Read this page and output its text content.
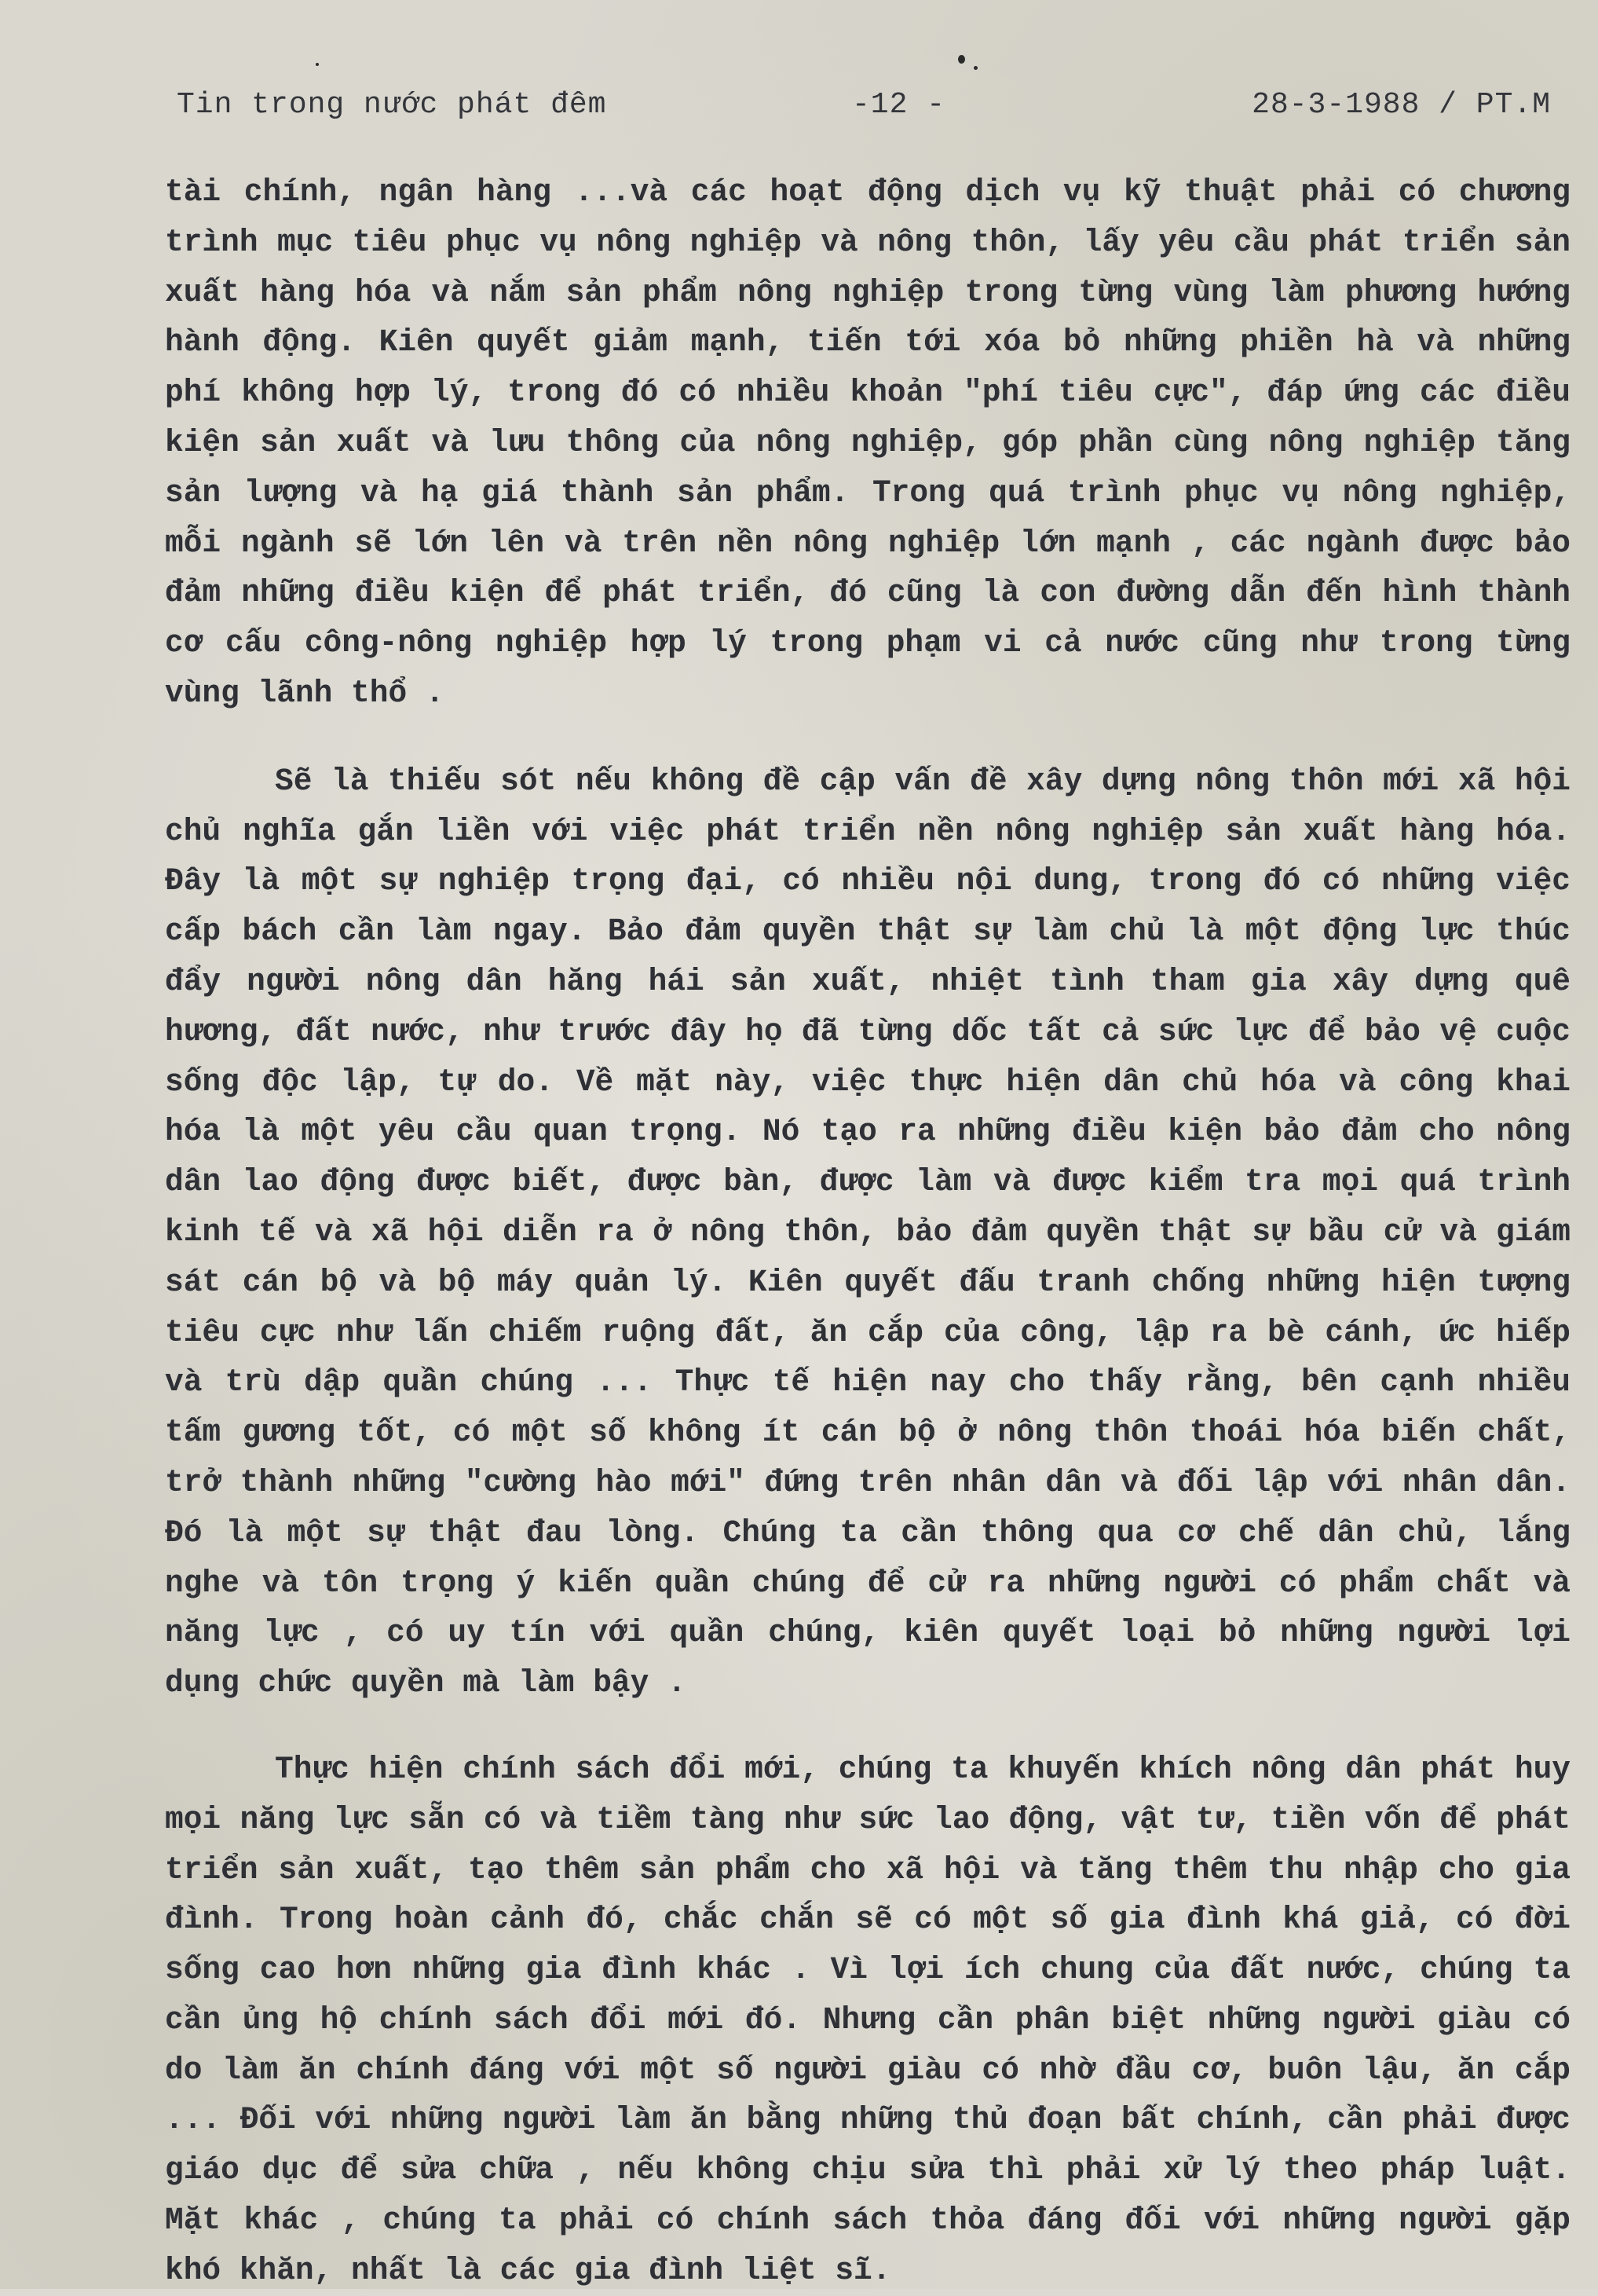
Tin trong nước phát đêm	-12 -	28-3-1988 / PT.M

tài chính, ngân hàng ...và các hoạt động dịch vụ kỹ thuật phải có chương trình mục tiêu phục vụ nông nghiệp và nông thôn, lấy yêu cầu phát triển sản xuất hàng hóa và nắm sản phẩm nông nghiệp trong từng vùng làm phương hướng hành động. Kiên quyết giảm mạnh, tiến tới xóa bỏ những phiền hà và những phí không hợp lý, trong đó có nhiều khoản "phí tiêu cực", đáp ứng các điều kiện sản xuất và lưu thông của nông nghiệp, góp phần cùng nông nghiệp tăng sản lượng và hạ giá thành sản phẩm. Trong quá trình phục vụ nông nghiệp, mỗi ngành sẽ lớn lên và trên nền nông nghiệp lớn mạnh , các ngành được bảo đảm những điều kiện để phát triển, đó cũng là con đường dẫn đến hình thành cơ cấu công-nông nghiệp hợp lý trong phạm vi cả nước cũng như trong từng vùng lãnh thổ .

Sẽ là thiếu sót nếu không đề cập vấn đề xây dựng nông thôn mới xã hội chủ nghĩa gắn liền với việc phát triển nền nông nghiệp sản xuất hàng hóa. Đây là một sự nghiệp trọng đại, có nhiều nội dung, trong đó có những việc cấp bách cần làm ngay. Bảo đảm quyền thật sự làm chủ là một động lực thúc đẩy người nông dân hăng hái sản xuất, nhiệt tình tham gia xây dựng quê hương, đất nước, như trước đây họ đã từng dốc tất cả sức lực để bảo vệ cuộc sống độc lập, tự do. Về mặt này, việc thực hiện dân chủ hóa và công khai hóa là một yêu cầu quan trọng. Nó tạo ra những điều kiện bảo đảm cho nông dân lao động được biết, được bàn, được làm và được kiểm tra mọi quá trình kinh tế và xã hội diễn ra ở nông thôn, bảo đảm quyền thật sự bầu cử và giám sát cán bộ và bộ máy quản lý. Kiên quyết đấu tranh chống những hiện tượng tiêu cực như lấn chiếm ruộng đất, ăn cắp của công, lập ra bè cánh, ức hiếp và trù dập quần chúng ... Thực tế hiện nay cho thấy rằng, bên cạnh nhiều tấm gương tốt, có một số không ít cán bộ ở nông thôn thoái hóa biến chất, trở thành những "cường hào mới" đứng trên nhân dân và đối lập với nhân dân. Đó là một sự thật đau lòng. Chúng ta cần thông qua cơ chế dân chủ, lắng nghe và tôn trọng ý kiến quần chúng để cử ra những người có phẩm chất và năng lực , có uy tín với quần chúng, kiên quyết loại bỏ những người lợi dụng chức quyền mà làm bậy .

Thực hiện chính sách đổi mới, chúng ta khuyến khích nông dân phát huy mọi năng lực sẵn có và tiềm tàng như sức lao động, vật tư, tiền vốn để phát triển sản xuất, tạo thêm sản phẩm cho xã hội và tăng thêm thu nhập cho gia đình. Trong hoàn cảnh đó, chắc chắn sẽ có một số gia đình khá giả, có đời sống cao hơn những gia đình khác . Vì lợi ích chung của đất nước, chúng ta cần ủng hộ chính sách đổi mới đó. Nhưng cần phân biệt những người giàu có do làm ăn chính đáng với một số người giàu có nhờ đầu cơ, buôn lậu, ăn cắp ... Đối với những người làm ăn bằng những thủ đoạn bất chính, cần phải được giáo dục để sửa chữa , nếu không chịu sửa thì phải xử lý theo pháp luật. Mặt khác , chúng ta phải có chính sách thỏa đáng đối với những người gặp khó khăn, nhất là các gia đình liệt sĩ.
